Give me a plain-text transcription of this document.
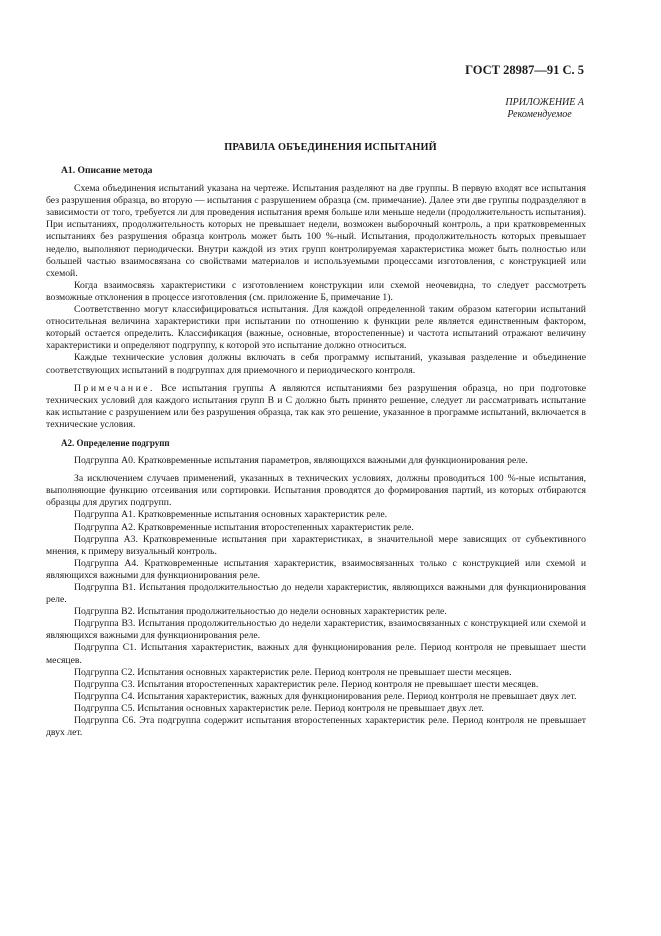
ГОСТ 28987—91 С. 5
ПРИЛОЖЕНИЕ А
Рекомендуемое
ПРАВИЛА ОБЪЕДИНЕНИЯ ИСПЫТАНИЙ
А1. Описание метода

Схема объединения испытаний указана на чертеже. Испытания разделяют на две группы. В первую входят все испытания без разрушения образца, во вторую — испытания с разрушением образца (см. примечание). Далее эти две группы подразделяют в зависимости от того, требуется ли для проведения испытания время больше или меньше недели (продолжительность испытания). При испытаниях, продолжительность которых не превышает недели, возможен выборочный контроль, а при кратковременных испытаниях без разрушения образца контроль может быть 100 %-ный. Испытания, продолжительность которых превышает неделю, выполняют периодически. Внутри каждой из этих групп контролируемая характеристика может быть полностью или большей частью взаимосвязана со свойствами материалов и используемыми процессами изготовления, с конструкцией или схемой.

Когда взаимосвязь характеристики с изготовлением конструкции или схемой неочевидна, то следует рассмотреть возможные отклонения в процессе изготовления (см. приложение Б, примечание 1).

Соответственно могут классифицироваться испытания. Для каждой определенной таким образом категории испытаний относительная величина характеристики при испытании по отношению к функции реле является единственным фактором, который остается определить. Классификация (важные, основные, второстепенные) и частота испытаний отражают величину характеристики и определяют подгруппу, к которой это испытание должно относиться.

Каждые технические условия должны включать в себя программу испытаний, указывая разделение и объединение соответствующих испытаний в подгруппах для приемочного и периодического контроля.

Примечание. Все испытания группы А являются испытаниями без разрушения образца, но при подготовке технических условий для каждого испытания групп В и С должно быть принято решение, следует ли рассматривать испытание как испытание с разрушением или без разрушения образца, так как это решение, указанное в программе испытаний, включается в технические условия.

А2. Определение подгрупп

Подгруппа А0. Кратковременные испытания параметров, являющихся важными для функционирования реле.

За исключением случаев применений, указанных в технических условиях, должны проводиться 100 %-ные испытания, выполняющие функцию отсеивания или сортировки. Испытания проводятся до формирования партий, из которых отбираются образцы для других подгрупп.

Подгруппа А1. Кратковременные испытания основных характеристик реле.

Подгруппа А2. Кратковременные испытания второстепенных характеристик реле.

Подгруппа А3. Кратковременные испытания при характеристиках, в значительной мере зависящих от субъективного мнения, к примеру визуальный контроль.

Подгруппа А4. Кратковременные испытания характеристик, взаимосвязанных только с конструкцией или схемой и являющихся важными для функционирования реле.

Подгруппа В1. Испытания продолжительностью до недели характеристик, являющихся важными для функционирования реле.

Подгруппа В2. Испытания продолжительностью до недели основных характеристик реле.

Подгруппа В3. Испытания продолжительностью до недели характеристик, взаимосвязанных с конструкцией или схемой и являющихся важными для функционирования реле.

Подгруппа С1. Испытания характеристик, важных для функционирования реле. Период контроля не превышает шести месяцев.

Подгруппа С2. Испытания основных характеристик реле. Период контроля не превышает шести месяцев.

Подгруппа С3. Испытания второстепенных характеристик реле. Период контроля не превышает шести месяцев.

Подгруппа С4. Испытания характеристик, важных для функционирования реле. Период контроля не превышает двух лет.

Подгруппа С5. Испытания основных характеристик реле. Период контроля не превышает двух лет.

Подгруппа С6. Эта подгруппа содержит испытания второстепенных характеристик реле. Период контроля не превышает двух лет.
